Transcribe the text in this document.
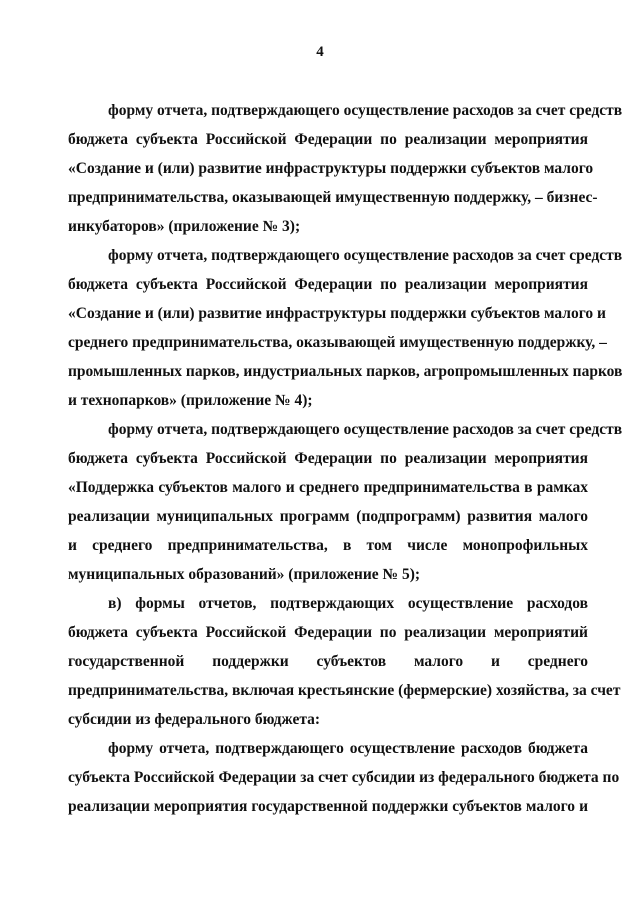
4
форму отчета, подтверждающего осуществление расходов за счет средств
бюджета субъекта Российской Федерации по реализации мероприятия
«Создание и (или) развитие инфраструктуры поддержки субъектов малого
предпринимательства, оказывающей имущественную поддержку, – бизнес-
инкубаторов» (приложение № 3);
форму отчета, подтверждающего осуществление расходов за счет средств
бюджета субъекта Российской Федерации по реализации мероприятия
«Создание и (или) развитие инфраструктуры поддержки субъектов малого и
среднего предпринимательства, оказывающей имущественную поддержку, –
промышленных парков, индустриальных парков, агропромышленных парков
и технопарков» (приложение № 4);
форму отчета, подтверждающего осуществление расходов за счет средств
бюджета субъекта Российской Федерации по реализации мероприятия
«Поддержка субъектов малого и среднего предпринимательства в рамках
реализации муниципальных программ (подпрограмм) развития малого
и среднего предпринимательства, в том числе монопрофильных
муниципальных образований» (приложение № 5);
в) формы отчетов, подтверждающих осуществление расходов
бюджета субъекта Российской Федерации по реализации мероприятий
государственной поддержки субъектов малого и среднего
предпринимательства, включая крестьянские (фермерские) хозяйства, за счет
субсидии из федерального бюджета:
форму отчета, подтверждающего осуществление расходов бюджета
субъекта Российской Федерации за счет субсидии из федерального бюджета по
реализации мероприятия государственной поддержки субъектов малого и
